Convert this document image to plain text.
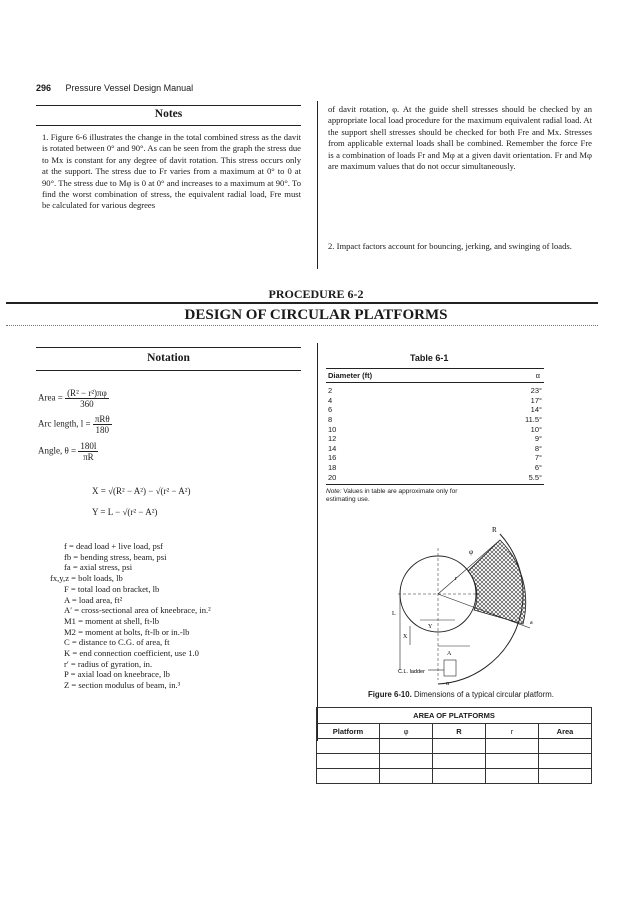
296 Pressure Vessel Design Manual
Notes
1. Figure 6-6 illustrates the change in the total combined stress as the davit is rotated between 0° and 90°. As can be seen from the graph the stress due to Mx is constant for any degree of davit rotation. This stress occurs only at the support. The stress due to Fr varies from a maximum at 0° to 0 at 90°. The stress due to Mφ is 0 at 0° and increases to a maximum at 90°. To find the worst combination of stress, the equivalent radial load, Fre must be calculated for various degrees
of davit rotation, φ. At the guide shell stresses should be checked by an appropriate local load procedure for the maximum equivalent radial load. At the support shell stresses should be checked for both Fre and Mx. Stresses from applicable external loads shall be combined. Remember the force Fre is a combination of loads Fr and Mφ at a given davit orientation. Fr and Mφ are maximum values that do not occur simultaneously.
2. Impact factors account for bouncing, jerking, and swinging of loads.
PROCEDURE 6-2
DESIGN OF CIRCULAR PLATFORMS
Notation
Area = $\frac{\text{(R² − r²)πφ}}{360}$
Arc length, $l = \frac{\text{πRθ}}{180}$
Angle, $\theta = \frac{180l}{\pi R}$
X = √(R² − A²) − √(r² − A²)
Y = L − √(r² − A²)
f = dead load + live load, psf
fb = bending stress, beam, psi
fa = axial stress, psi
fx,y,z = bolt loads, lb
F = total load on bracket, lb
A = load area, ft²
A′ = cross-sectional area of kneebrace, in.²
M1 = moment at shell, ft-lb
M2 = moment at bolts, ft-lb or in.-lb
C = distance to C.G. of area, ft
K = end connection coefficient, use 1.0
r′ = radius of gyration, in.
P = axial load on kneebrace, lb
Z = section modulus of beam, in.³
Table 6-1
Diameter (ft)	α
2	23°
4	17°
6	14°
8	11.5°
10	10°
12	9°
14	8°
16	7°
18	6°
20	5.5°
Note: Values in table are approximate only for estimating use.
φ
R
r
a
L
X
Y
A
C.L. ladder
α
Figure 6-10. Dimensions of a typical circular platform.
AREA OF PLATFORMS
Platform	φ	R	r	Area
